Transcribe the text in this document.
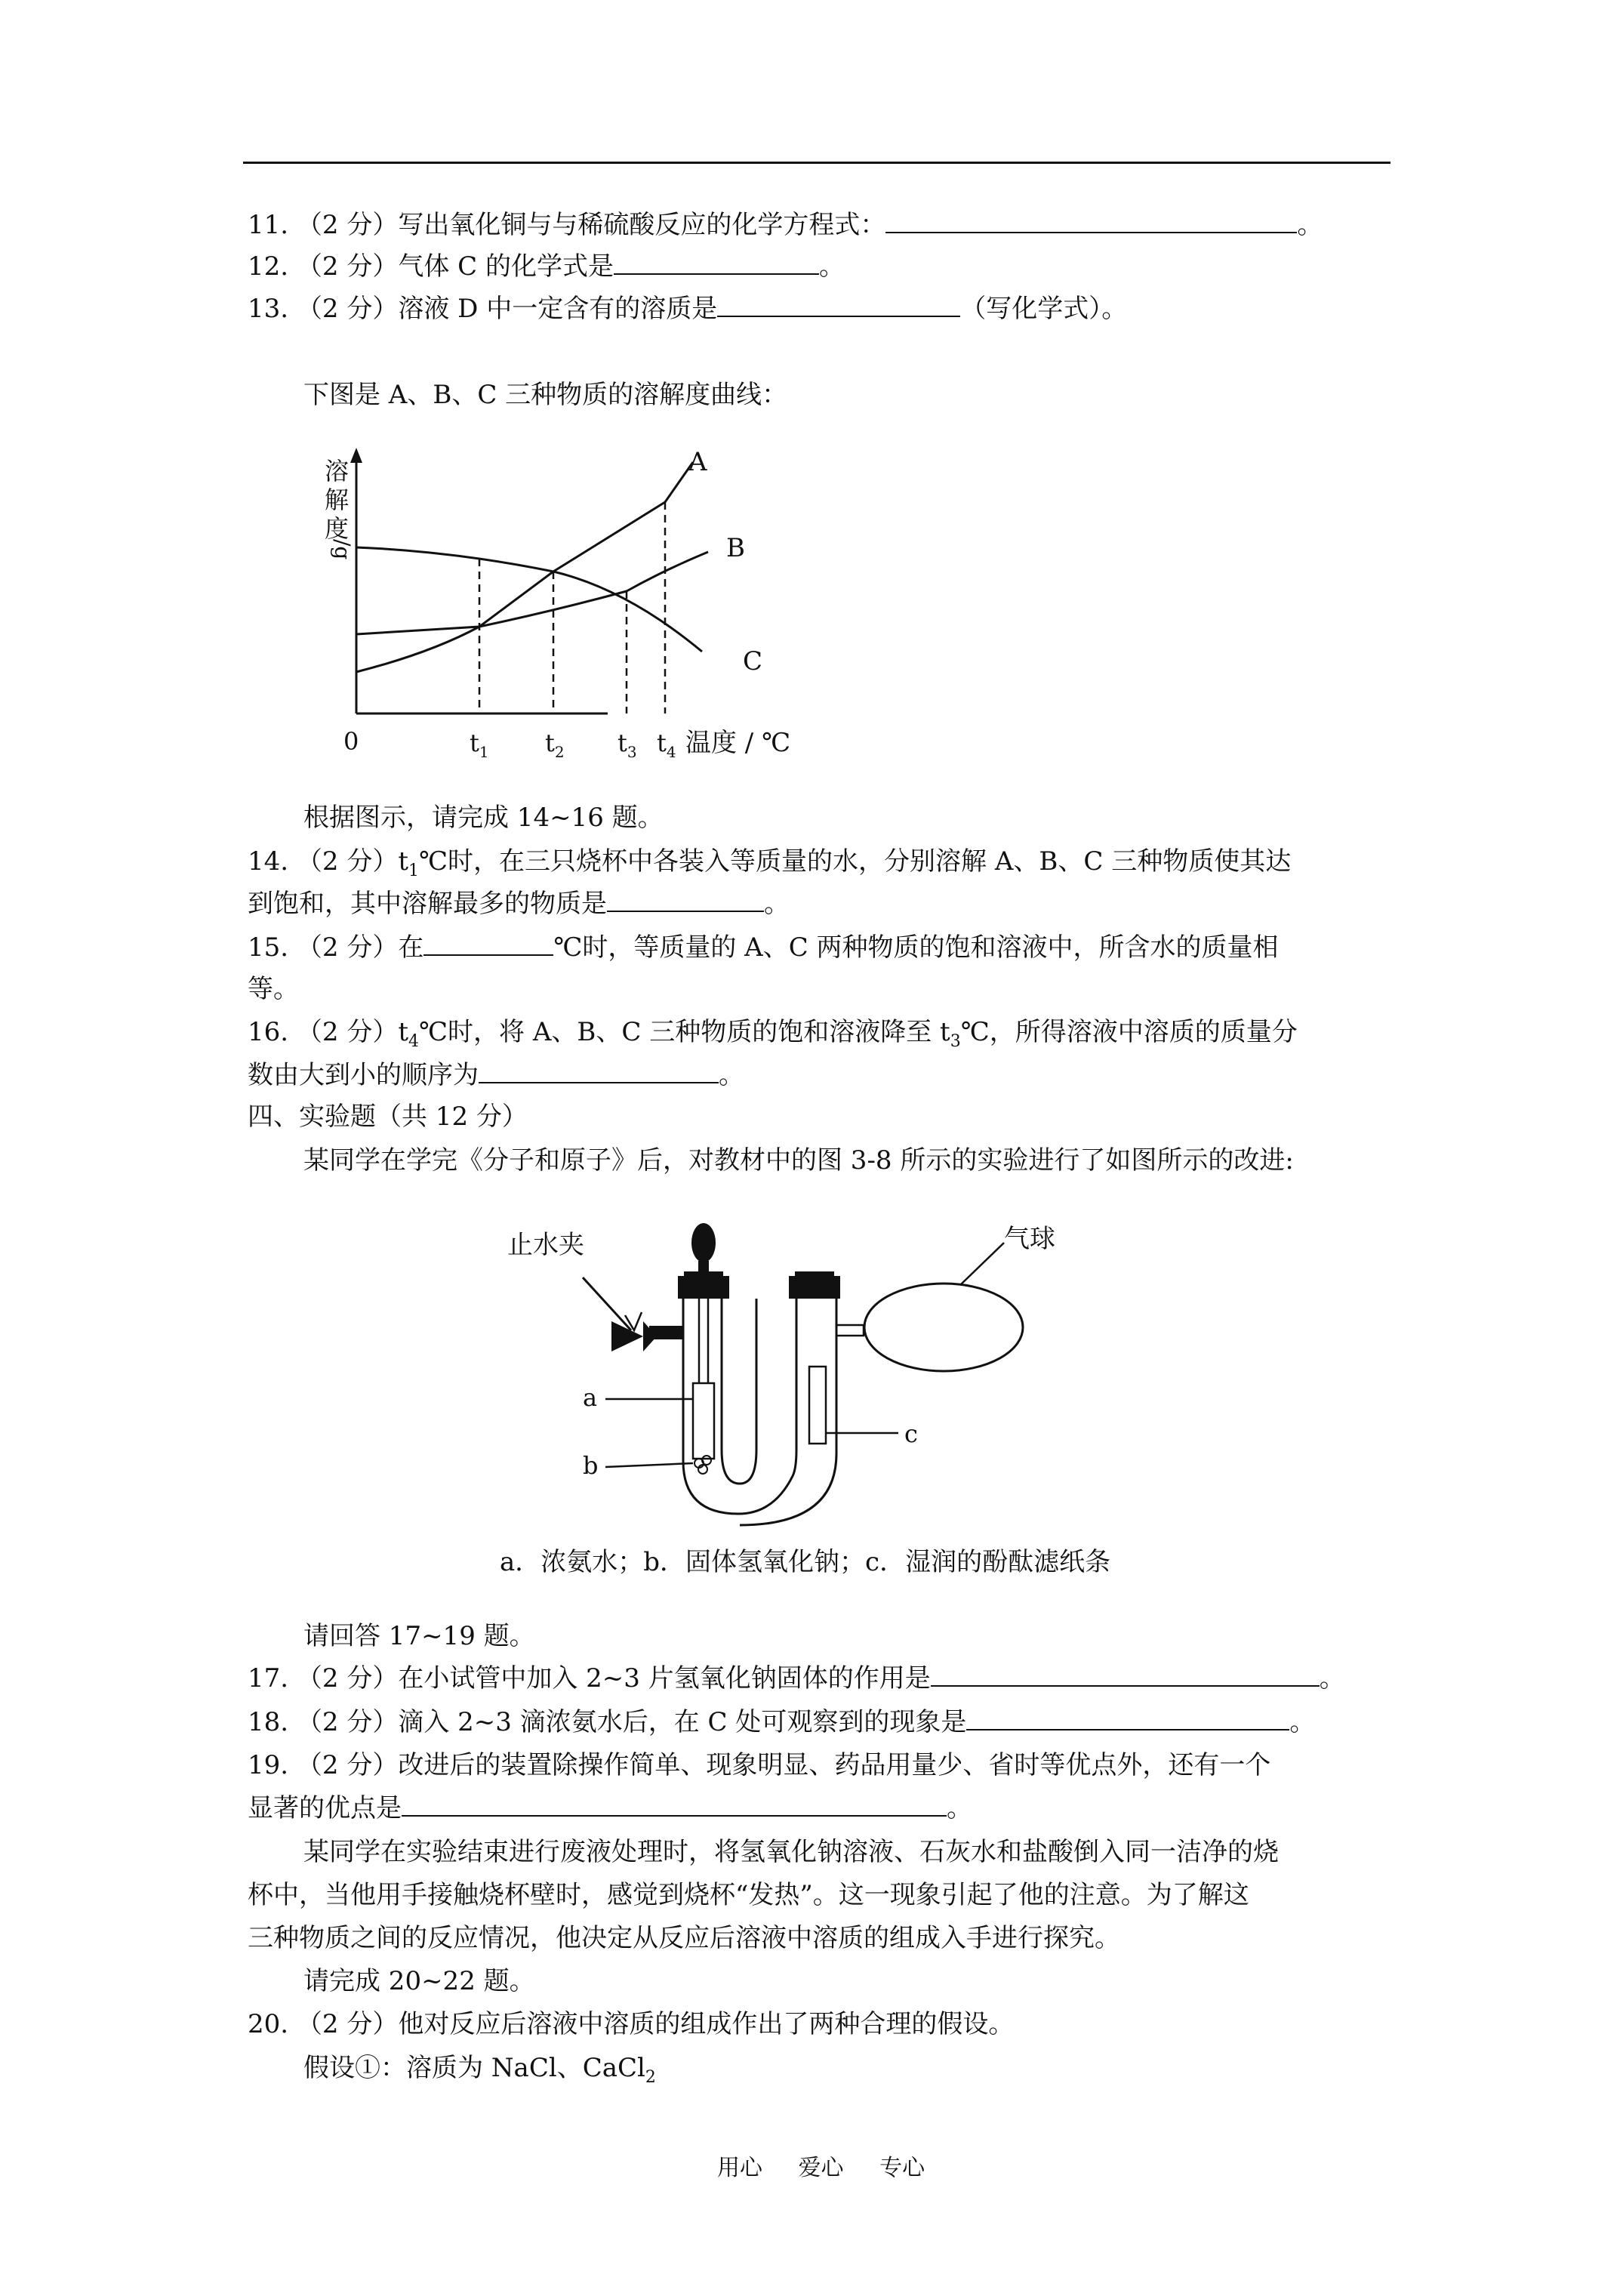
11. （2 分）写出氧化铜与与稀硫酸反应的化学方程式：	。
12. （2 分）气体 C 的化学式是	。
13. （2 分）溶液 D 中一定含有的溶质是	（写化学式）。
下图是 A、B、C 三种物质的溶解度曲线：
溶
解
度
/g
0	温度 / ℃
A
B
C
$t_1$ $t_2$ $t_3$ $t_4$
根据图示，请完成 14~16 题。
14. （2 分）$t_1℃$时，在三只烧杯中各装入等质量的水，分别溶解 A、B、C 三种物质使其达
到饱和，其中溶解最多的物质是	。
15. （2 分）在	℃时，等质量的 A、C 两种物质的饱和溶液中，所含水的质量相
等。
16. （2 分）$t_4℃$时，将 A、B、C 三种物质的饱和溶液降至 $t_3℃$，所得溶液中溶质的质量分
数由大到小的顺序为	。
四、实验题（共 12 分）
某同学在学完《分子和原子》后，对教材中的图 3-8 所示的实验进行了如图所示的改进:
止水夹	气球
a
b
c
a．浓氨水；b．固体氢氧化钠；c．湿润的酚酞滤纸条
请回答 17~19 题。
17. （2 分）在小试管中加入 2~3 片氢氧化钠固体的作用是	。
18. （2 分）滴入 2~3 滴浓氨水后，在 C 处可观察到的现象是	。
19. （2 分）改进后的装置除操作简单、现象明显、药品用量少、省时等优点外，还有一个
显著的优点是	。
某同学在实验结束进行废液处理时，将氢氧化钠溶液、石灰水和盐酸倒入同一洁净的烧
杯中，当他用手接触烧杯壁时，感觉到烧杯“发热”。这一现象引起了他的注意。为了解这
三种物质之间的反应情况，他决定从反应后溶液中溶质的组成入手进行探究。
请完成 20~22 题。
20. （2 分）他对反应后溶液中溶质的组成作出了两种合理的假设。
假设①：溶质为 NaCl、CaCl$_2$
用心 爱心 专心
